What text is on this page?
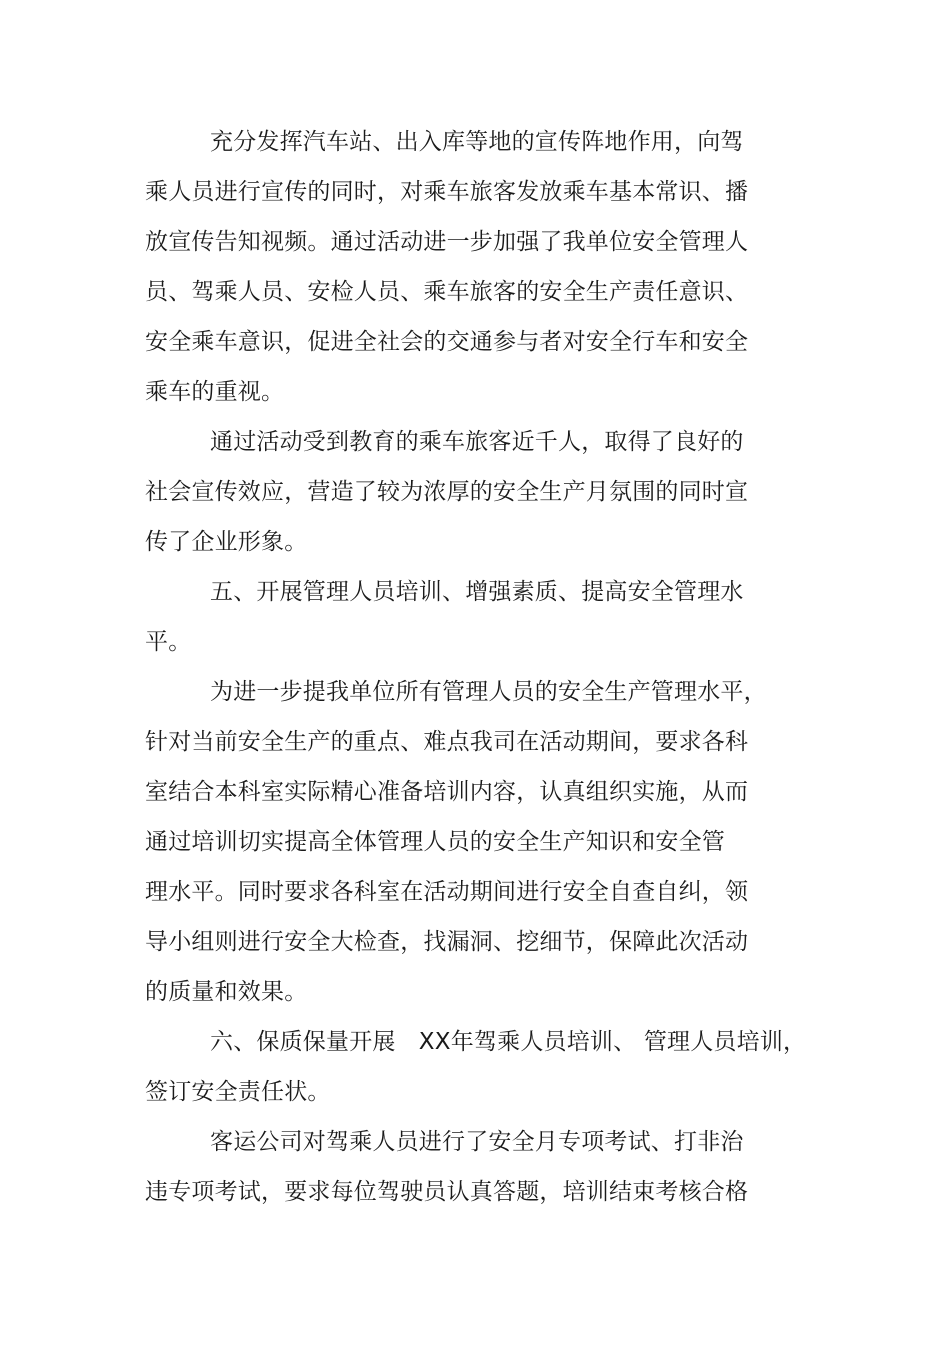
充分发挥汽车站、出入库等地的宣传阵地作用，向驾
乘人员进行宣传的同时，对乘车旅客发放乘车基本常识、播
放宣传告知视频。通过活动进一步加强了我单位安全管理人
员、驾乘人员、安检人员、乘车旅客的安全生产责任意识、
安全乘车意识，促进全社会的交通参与者对安全行车和安全
乘车的重视。
通过活动受到教育的乘车旅客近千人，取得了良好的
社会宣传效应，营造了较为浓厚的安全生产月氛围的同时宣
传了企业形象。
五、开展管理人员培训、增强素质、提高安全管理水
平。
为进一步提我单位所有管理人员的安全生产管理水平，
针对当前安全生产的重点、难点我司在活动期间，要求各科
室结合本科室实际精心准备培训内容，认真组织实施，从而
通过培训切实提高全体管理人员的安全生产知识和安全管
理水平。同时要求各科室在活动期间进行安全自查自纠，领
导小组则进行安全大检查，找漏洞、挖细节，保障此次活动
的质量和效果。
六、保质保量开展　XX年驾乘人员培训、 管理人员培训，
签订安全责任状。
客运公司对驾乘人员进行了安全月专项考试、打非治
违专项考试，要求每位驾驶员认真答题，培训结束考核合格
